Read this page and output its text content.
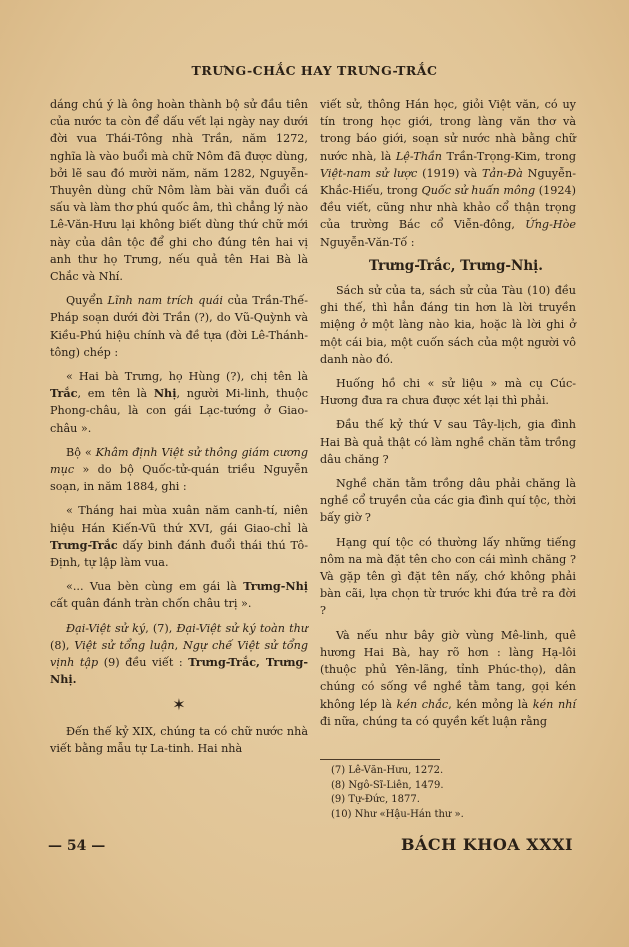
TRƯNG-CHẮC HAY TRƯNG-TRẮC

dáng chú ý là ông hoàn thành bộ sử đầu tiên của nước ta còn để dấu vết lại ngày nay dưới đời vua Thái-Tông nhà Trần, năm 1272, nghĩa là vào buổi mà chữ Nôm đã được dùng, bởi lẽ sau đó mười năm, năm 1282, Nguyễn-Thuyên dùng chữ Nôm làm bài văn đuổi cá sấu và làm thơ phú quốc âm, thì chẳng lý nào Lê-Văn-Hưu lại không biết dùng thứ chữ mới này của dân tộc để ghi cho đúng tên hai vị anh thư họ Trưng, nếu quả tên Hai Bà là Chắc và Nhí.

Quyển Lĩnh nam trích quái của Trần-Thế-Pháp soạn dưới đời Trần (?), do Vũ-Quỳnh và Kiều-Phú hiệu chính và đề tựa (đời Lê-Thánh-tông) chép :

« Hai bà Trưng, họ Hùng (?), chị tên là Trắc, em tên là Nhị, người Mi-linh, thuộc Phong-châu, là con gái Lạc-tướng ở Giao-châu ».

Bộ « Khâm định Việt sử thông giám cương mục » do bộ Quốc-tử-quán triều Nguyễn soạn, in năm 1884, ghi :

« Tháng hai mùa xuân năm canh-tí, niên hiệu Hán Kiến-Vũ thứ XVI, gái Giao-chỉ là Trưng-Trắc dấy binh đánh đuổi thái thú Tô-Định, tự lập làm vua.

«... Vua bèn cùng em gái là Trưng-Nhị cất quân đánh tràn chốn châu trị ».

Đại-Việt sử ký, (7), Đại-Việt sử ký toàn thư (8), Việt sử tổng luận, Ngự chế Việt sử tổng vịnh tập (9) đều viết : Trưng-Trắc, Trưng-Nhị.

✶

Đến thế kỷ XIX, chúng ta có chữ nước nhà viết bằng mẫu tự La-tinh. Hai nhà

viết sử, thông Hán học, giỏi Việt văn, có uy tín trong học giới, trong làng văn thơ và trong báo giới, soạn sử nước nhà bằng chữ nước nhà, là Lệ-Thần Trần-Trọng-Kim, trong Việt-nam sử lược (1919) và Tản-Đà Nguyễn-Khắc-Hiếu, trong Quốc sử huấn mông (1924) đều viết, cũng như nhà khảo cổ thận trọng của trường Bác cổ Viễn-đông, Ứng-Hòe Nguyễn-Văn-Tố :

Trưng-Trắc, Trưng-Nhị.

Sách sử của ta, sách sử của Tàu (10) đều ghi thế, thì hẳn đáng tin hơn là lời truyền miệng ở một làng nào kia, hoặc là lời ghi ở một cái bia, một cuốn sách của một người vô danh nào đó.

Huống hồ chi « sử liệu » mà cụ Cúc-Hương đưa ra chưa được xét lại thì phải.

Đầu thế kỷ thứ V sau Tây-lịch, gia đình Hai Bà quả thật có làm nghề chăn tằm trồng dâu chăng ?

Nghề chăn tằm trồng dâu phải chăng là nghề cổ truyền của các gia đình quí tộc, thời bấy giờ ?

Hạng quí tộc có thường lấy những tiếng nôm na mà đặt tên cho con cái mình chăng ? Và gặp tên gì đặt tên nấy, chớ không phải bàn cãi, lựa chọn từ trước khi đứa trẻ ra đời ?

Và nếu như bây giờ vùng Mê-linh, quê hương Hai Bà, hay rõ hơn : làng Hạ-lôi (thuộc phủ Yên-lãng, tỉnh Phúc-thọ), dân chúng có sống về nghề tằm tang, gọi kén không lép là kén chắc, kén mỏng là kén nhí đi nữa, chúng ta có quyền kết luận rằng

(7) Lê-Văn-Hưu, 1272.
(8) Ngô-Sĩ-Liên, 1479.
(9) Tự-Đức, 1877.
(10) Như «Hậu-Hán thư ».
— 54 —	BÁCH KHOA XXXI
